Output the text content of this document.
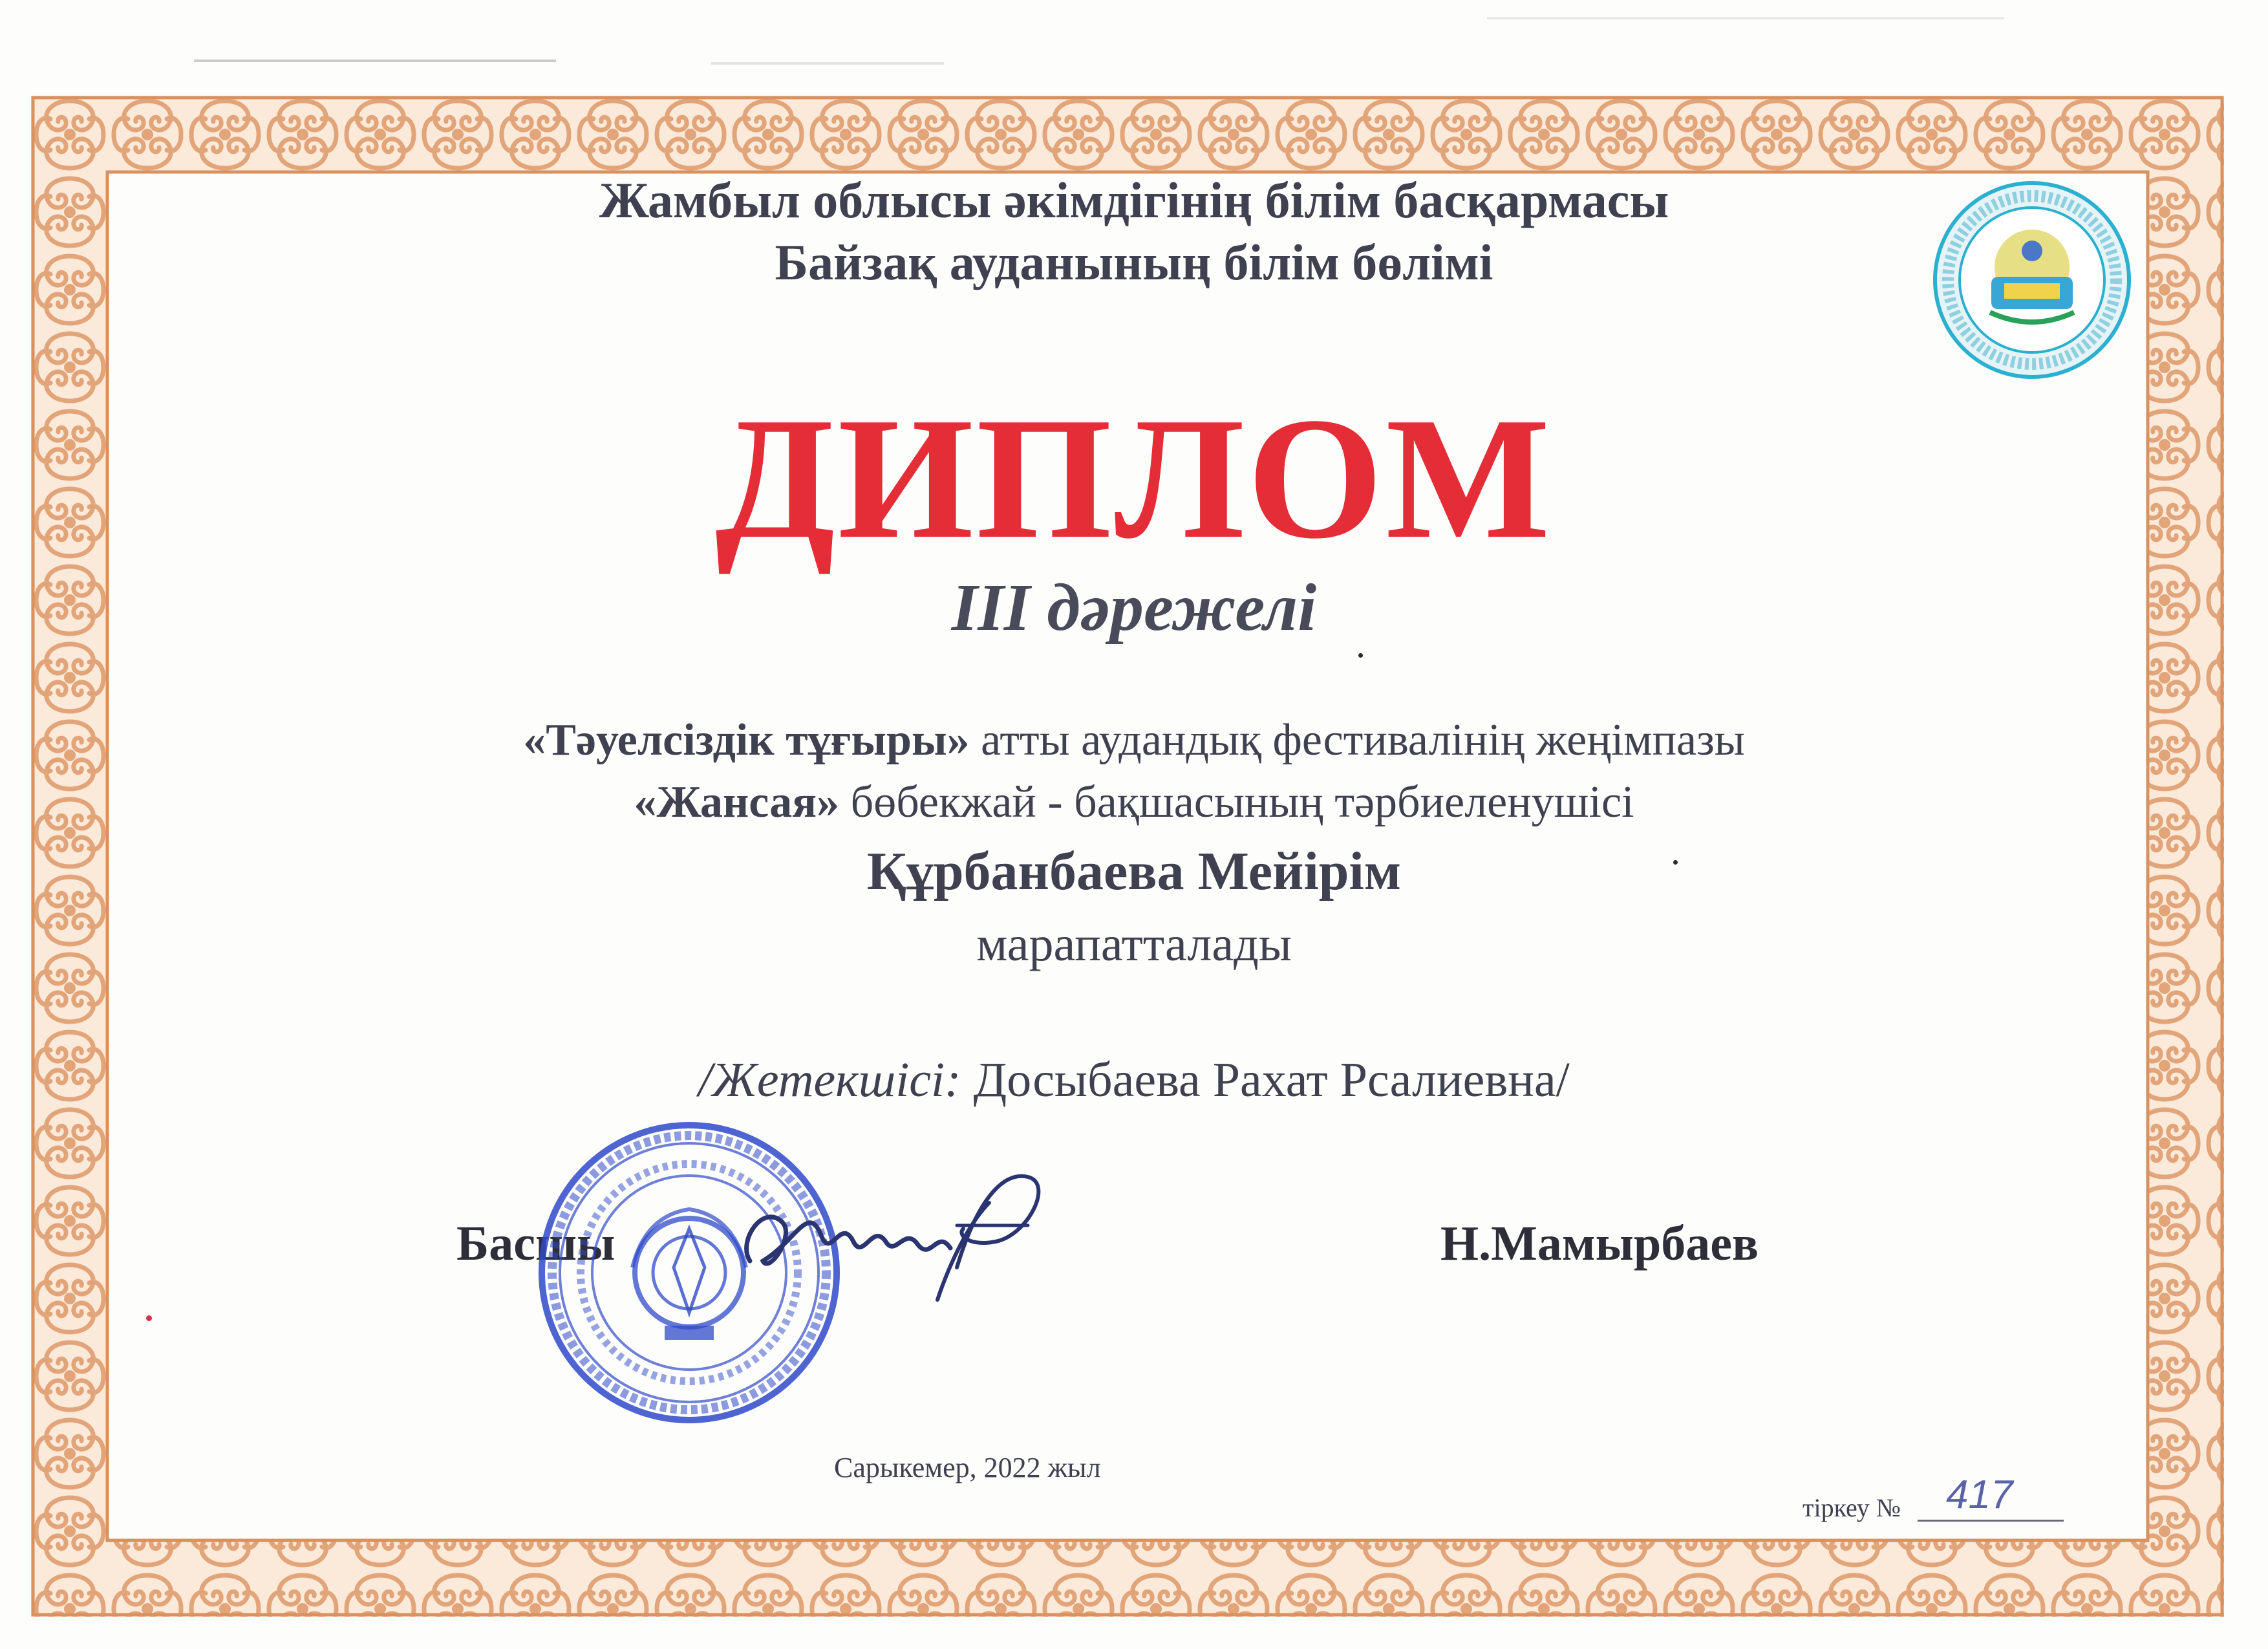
Жамбыл облысы әкімдігінің білім басқармасы
Байзақ ауданының білім бөлімі
ДИПЛОМ
ІІІ дәрежелі
«Тәуелсіздік тұғыры» атты аудандық фестивалінің жеңімпазы
«Жансая» бөбекжай - бақшасының тәрбиеленушісі
Құрбанбаева Мейірім
марапатталады
/Жетекшісі: Досыбаева Рахат Рсалиевна/
Басшы	Н.Мамырбаев
Сарыкемер, 2022 жыл
тіркеу № 417
